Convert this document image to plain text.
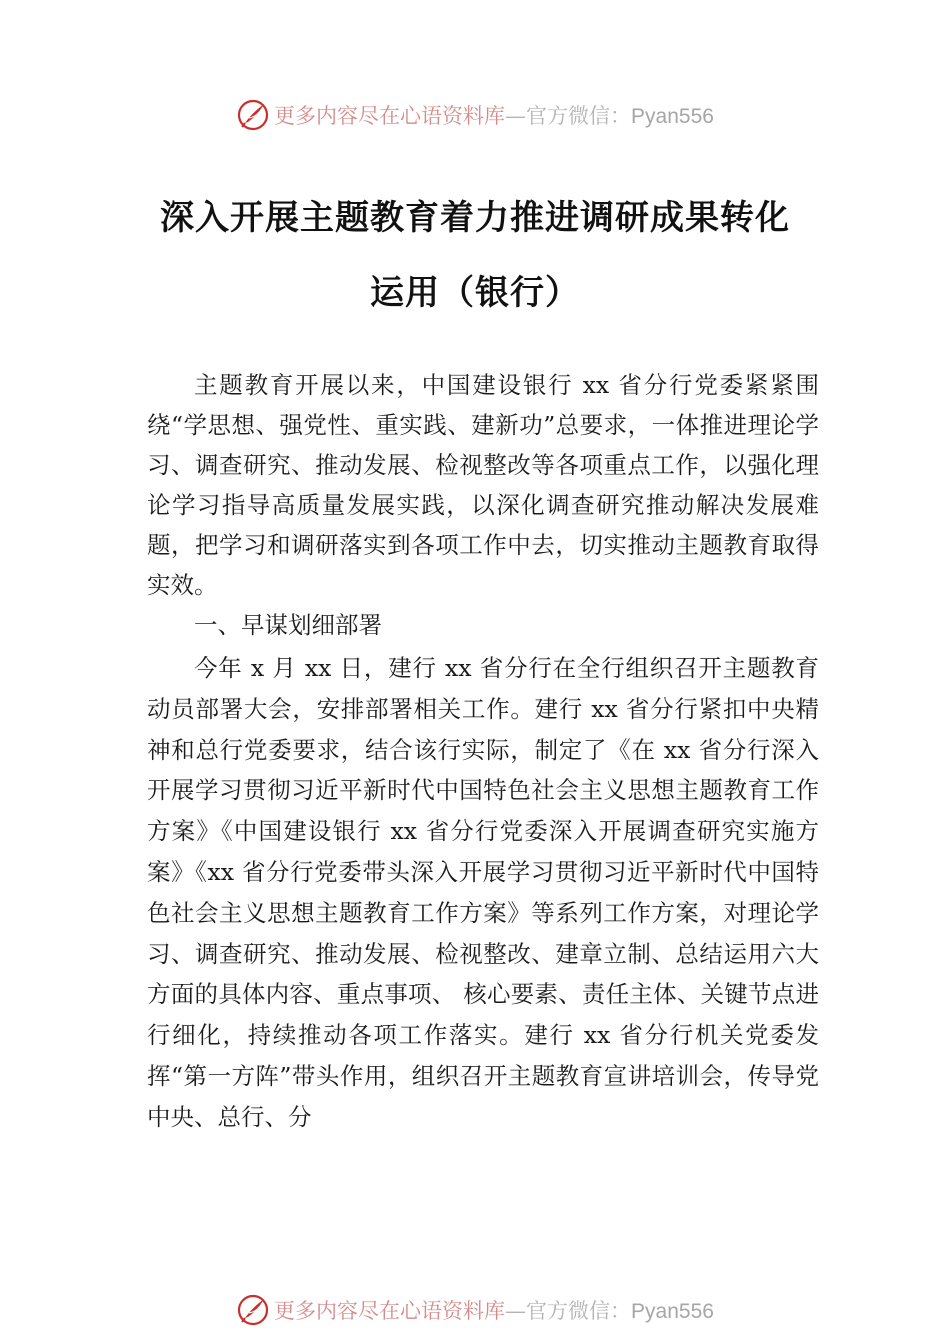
更多内容尽在心语资料库—官方微信：Pyan556
深入开展主题教育着力推进调研成果转化
运用（银行）

主题教育开展以来，中国建设银行 xx 省分行党委紧紧围绕“学思想、强党性、重实践、建新功”总要求，一体推进理论学习、调查研究、推动发展、检视整改等各项重点工作，以强化理论学习指导高质量发展实践，以深化调查研究推动解决发展难题，把学习和调研落实到各项工作中去，切实推动主题教育取得实效。

一、早谋划细部署

今年 x 月 xx 日，建行 xx 省分行在全行组织召开主题教育动员部署大会，安排部署相关工作。建行 xx 省分行紧扣中央精神和总行党委要求，结合该行实际，制定了《在 xx 省分行深入开展学习贯彻习近平新时代中国特色社会主义思想主题教育工作方案》《中国建设银行 xx 省分行党委深入开展调查研究实施方案》《xx 省分行党委带头深入开展学习贯彻习近平新时代中国特色社会主义思想主题教育工作方案》等系列工作方案，对理论学习、调查研究、推动发展、检视整改、建章立制、总结运用六大方面的具体内容、重点事项、 核心要素、责任主体、关键节点进行细化，持续推动各项工作落实。建行 xx 省分行机关党委发挥“第一方阵”带头作用，组织召开主题教育宣讲培训会，传导党中央、总行、分

更多内容尽在心语资料库—官方微信：Pyan556
